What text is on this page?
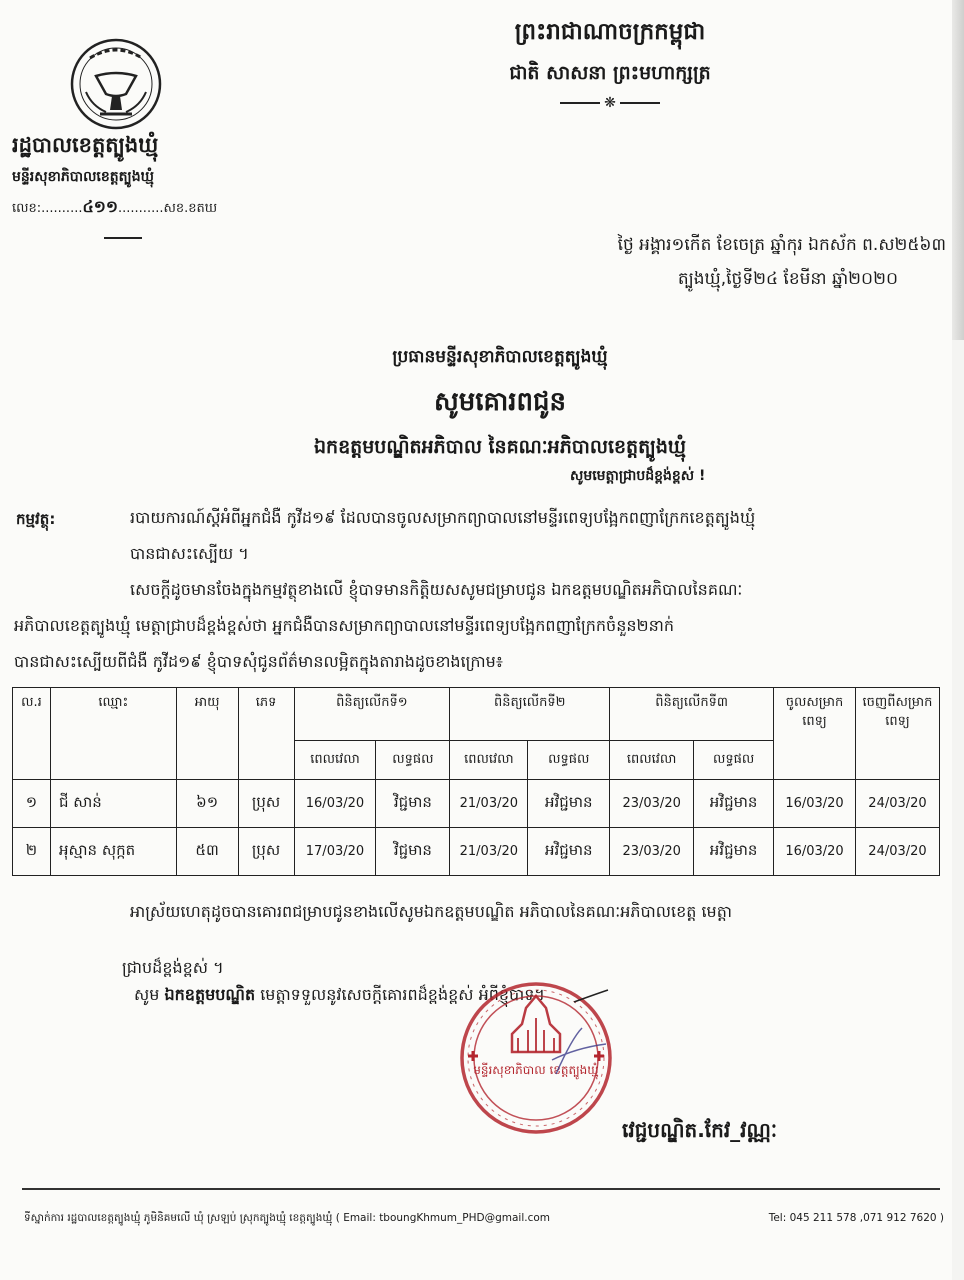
រដ្ឋបាលខេត្តត្បូងឃ្មុំ
មន្ទីរសុខាភិបាលខេត្តត្បូងឃ្មុំ
លេខ:..........៤១១...........សខ.ខតឃ
ព្រះរាជាណាចក្រកម្ពុជា
ជាតិ សាសនា ព្រះមហាក្សត្រ
❋
ថ្ងៃ អង្គារ១កើត ខែចេត្រ ឆ្នាំកុរ ឯកស័ក ព.ស២៥៦៣
ត្បូងឃ្មុំ,ថ្ងៃទី២៤ ខែមីនា ឆ្នាំ២០២០
ប្រធានមន្ទីរសុខាភិបាលខេត្តត្បូងឃ្មុំ
សូមគោរពជូន
ឯកឧត្តមបណ្ឌិតអភិបាល នៃគណៈអភិបាលខេត្តត្បូងឃ្មុំ
សូមមេត្តាជ្រាបដ៏ខ្ពង់ខ្ពស់ !
កម្មវត្ថុ:	របាយការណ៍ស្ដីអំពីអ្នកជំងឺ កូវីដ១៩ ដែលបានចូលសម្រាកព្យាបាលនៅមន្ទីរពេទ្យបង្អែកពញាក្រែកខេត្តត្បូងឃ្មុំ

បានជាសះស្បើយ ។

សេចក្ដីដូចមានចែងក្នុងកម្មវត្ថុខាងលើ ខ្ញុំបាទមានកិត្តិយសសូមជម្រាបជូន ឯកឧត្តមបណ្ឌិតអភិបាលនៃគណៈ

អភិបាលខេត្តត្បូងឃ្មុំ មេត្តាជ្រាបដ៏ខ្ពង់ខ្ពស់ថា អ្នកជំងឺបានសម្រាកព្យាបាលនៅមន្ទីរពេទ្យបង្អែកពញាក្រែកចំនួន២នាក់

បានជាសះស្បើយពីជំងឺ កូវីដ១៩ ខ្ញុំបាទសុំជូនព័ត៌មានលម្អិតក្នុងតារាងដូចខាងក្រោម៖

ល.រ	ឈ្មោះ	អាយុ	ភេទ	ពិនិត្យលើកទី១		ពិនិត្យលើកទី២		ពិនិត្យលើកទី៣		ចូលសម្រាកពេទ្យ	ចេញពីសម្រាកពេទ្យ
				ពេលវេលា	លទ្ធផល	ពេលវេលា	លទ្ធផល	ពេលវេលា	លទ្ធផល		
១	ជី សាន់	៦១	ប្រុស	16/03/20	វិជ្ជមាន	21/03/20	អវិជ្ជមាន	23/03/20	អវិជ្ជមាន	16/03/20	24/03/20
២	អុស្មាន សុក្កត	៥៣	ប្រុស	17/03/20	វិជ្ជមាន	21/03/20	អវិជ្ជមាន	23/03/20	អវិជ្ជមាន	16/03/20	24/03/20
អាស្រ័យហេតុដូចបានគោរពជម្រាបជូនខាងលើសូមឯកឧត្តមបណ្ឌិត អភិបាលនៃគណៈអភិបាលខេត្ត មេត្តា
ជ្រាបដ៏ខ្ពង់ខ្ពស់ ។
សូម ឯកឧត្តមបណ្ឌិត មេត្តាទទួលនូវសេចក្ដីគោរពដ៏ខ្ពង់ខ្ពស់ អំពីខ្ញុំបាទ។
មន្ទីរសុខាភិបាល ខេត្តត្បូងឃ្មុំ
វេជ្ជបណ្ឌិត.កែវ_វណ្ណៈ
ទីស្នាក់ការ រដ្ឋបាលខេត្តត្បូងឃ្មុំ ភូមិនិគមលើ ឃុំ ស្រឡប់ ស្រុកត្បូងឃ្មុំ ខេត្តត្បូងឃ្មុំ ( Email: tboungKhmum_PHD@gmail.com	Tel: 045 211 578 ,071 912 7620 )
